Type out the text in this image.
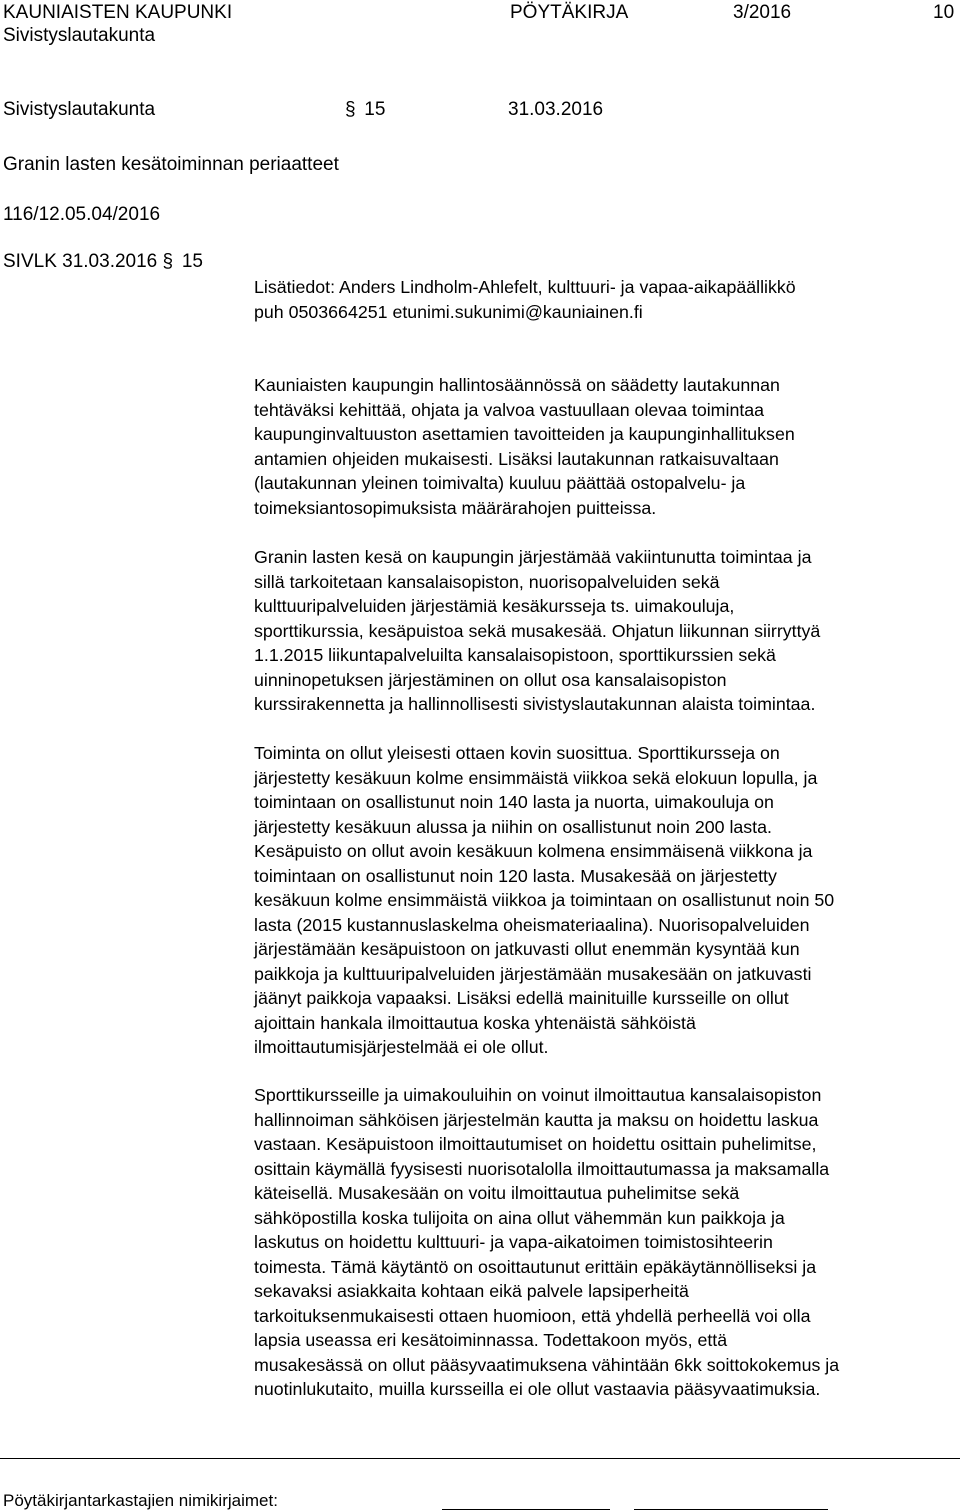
KAUNIAISTEN KAUPUNKI	PÖYTÄKIRJA	3/2016	10
Sivistyslautakunta
Sivistyslautakunta	§ 15	31.03.2016
Granin lasten kesätoiminnan periaatteet
116/12.05.04/2016
SIVLK 31.03.2016 § 15
Lisätiedot: Anders Lindholm-Ahlefelt, kulttuuri- ja vapaa-aikapäällikkö
puh 0503664251 etunimi.sukunimi@kauniainen.fi
Kauniaisten kaupungin hallintosäännössä on säädetty lautakunnan
tehtäväksi kehittää, ohjata ja valvoa vastuullaan olevaa toimintaa
kaupunginvaltuuston asettamien tavoitteiden ja kaupunginhallituksen
antamien ohjeiden mukaisesti. Lisäksi lautakunnan ratkaisuvaltaan
(lautakunnan yleinen toimivalta) kuuluu päättää ostopalvelu- ja
toimeksiantosopimuksista määrärahojen puitteissa.
Granin lasten kesä on kaupungin järjestämää vakiintunutta toimintaa ja
sillä tarkoitetaan kansalaisopiston, nuorisopalveluiden sekä
kulttuuripalveluiden järjestämiä kesäkursseja ts. uimakouluja,
sporttikurssia, kesäpuistoa sekä musakesää. Ohjatun liikunnan siirryttyä
1.1.2015 liikuntapalveluilta kansalaisopistoon, sporttikurssien sekä
uinninopetuksen järjestäminen on ollut osa kansalaisopiston
kurssirakennetta ja hallinnollisesti sivistyslautakunnan alaista toimintaa.
Toiminta on ollut yleisesti ottaen kovin suosittua. Sporttikursseja on
järjestetty kesäkuun kolme ensimmäistä viikkoa sekä elokuun lopulla, ja
toimintaan on osallistunut noin 140 lasta ja nuorta, uimakouluja on
järjestetty kesäkuun alussa ja niihin on osallistunut noin 200 lasta.
Kesäpuisto on ollut avoin kesäkuun kolmena ensimmäisenä viikkona ja
toimintaan on osallistunut noin 120 lasta. Musakesää on järjestetty
kesäkuun kolme ensimmäistä viikkoa ja toimintaan on osallistunut noin 50
lasta (2015 kustannuslaskelma oheismateriaalina). Nuorisopalveluiden
järjestämään kesäpuistoon on jatkuvasti ollut enemmän kysyntää kun
paikkoja ja kulttuuripalveluiden järjestämään musakesään on jatkuvasti
jäänyt paikkoja vapaaksi. Lisäksi edellä mainituille kursseille on ollut
ajoittain hankala ilmoittautua koska yhtenäistä sähköistä
ilmoittautumisjärjestelmää ei ole ollut.
Sporttikursseille ja uimakouluihin on voinut ilmoittautua kansalaisopiston
hallinnoiman sähköisen järjestelmän kautta ja maksu on hoidettu laskua
vastaan. Kesäpuistoon ilmoittautumiset on hoidettu osittain puhelimitse,
osittain käymällä fyysisesti nuorisotalolla ilmoittautumassa ja maksamalla
käteisellä. Musakesään on voitu ilmoittautua puhelimitse sekä
sähköpostilla koska tulijoita on aina ollut vähemmän kun paikkoja ja
laskutus on hoidettu kulttuuri- ja vapa-aikatoimen toimistosihteerin
toimesta. Tämä käytäntö on osoittautunut erittäin epäkäytännölliseksi ja
sekavaksi asiakkaita kohtaan eikä palvele lapsiperheitä
tarkoituksenmukaisesti ottaen huomioon, että yhdellä perheellä voi olla
lapsia useassa eri kesätoiminnassa. Todettakoon myös, että
musakesässä on ollut pääsyvaatimuksena vähintään 6kk soittokokemus ja
nuotinlukutaito, muilla kursseilla ei ole ollut vastaavia pääsyvaatimuksia.
Pöytäkirjantarkastajien nimikirjaimet:
